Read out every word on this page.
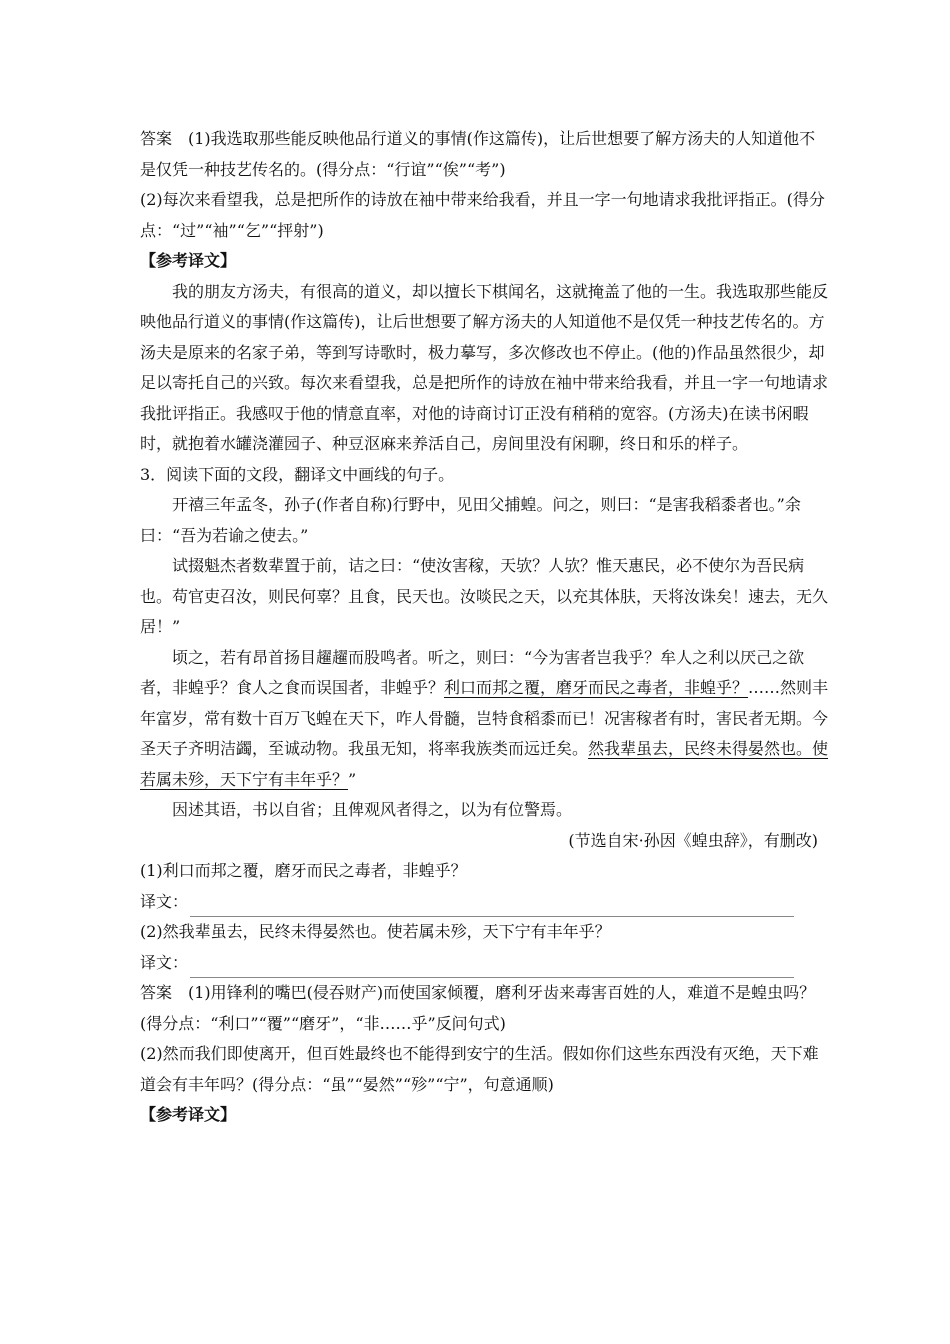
答案　(1)我选取那些能反映他品行道义的事情(作这篇传)，让后世想要了解方汤夫的人知道他不是仅凭一种技艺传名的。(得分点：“行谊”“俟”“考”)

(2)每次来看望我，总是把所作的诗放在袖中带来给我看，并且一字一句地请求我批评指正。(得分点：“过”“袖”“乞”“抨射”)

【参考译文】

我的朋友方汤夫，有很高的道义，却以擅长下棋闻名，这就掩盖了他的一生。我选取那些能反映他品行道义的事情(作这篇传)，让后世想要了解方汤夫的人知道他不是仅凭一种技艺传名的。方汤夫是原来的名家子弟，等到写诗歌时，极力摹写，多次修改也不停止。(他的)作品虽然很少，却足以寄托自己的兴致。每次来看望我，总是把所作的诗放在袖中带来给我看，并且一字一句地请求我批评指正。我感叹于他的情意直率，对他的诗商讨订正没有稍稍的宽容。(方汤夫)在读书闲暇时，就抱着水罐浇灌园子、种豆沤麻来养活自己，房间里没有闲聊，终日和乐的样子。

3．阅读下面的文段，翻译文中画线的句子。

开禧三年孟冬，孙子(作者自称)行野中，见田父捕蝗。问之，则曰：“是害我稻黍者也。”余曰：“吾为若谕之使去。”

试掇魁杰者数辈置于前，诘之曰：“使汝害稼，天欤？人欤？惟天惠民，必不使尔为吾民病也。苟官吏召汝，则民何辜？且食，民天也。汝啖民之天，以充其体肤，天将汝诛矣！速去，无久居！”

顷之，若有昂首扬目趯趯而股鸣者。听之，则曰：“今为害者岂我乎？牟人之利以厌己之欲者，非蝗乎？食人之食而误国者，非蝗乎？利口而邦之覆，磨牙而民之毒者，非蝗乎？……然则丰年富岁，常有数十百万飞蝗在天下，咋人骨髓，岂特食稻黍而已！况害稼者有时，害民者无期。今圣天子齐明洁蠲，至诚动物。我虽无知，将率我族类而远迁矣。然我辈虽去，民终未得晏然也。使若属未殄，天下宁有丰年乎？”

因述其语，书以自省；且俾观风者得之，以为有位警焉。

(节选自宋·孙因《蝗虫辞》，有删改)

(1)利口而邦之覆，磨牙而民之毒者，非蝗乎？

译文：

(2)然我辈虽去，民终未得晏然也。使若属未殄，天下宁有丰年乎？

译文：

答案　(1)用锋利的嘴巴(侵吞财产)而使国家倾覆，磨利牙齿来毒害百姓的人，难道不是蝗虫吗？(得分点：“利口”“覆”“磨牙”，“非……乎”反问句式)

(2)然而我们即使离开，但百姓最终也不能得到安宁的生活。假如你们这些东西没有灭绝，天下难道会有丰年吗？(得分点：“虽”“晏然”“殄”“宁”，句意通顺)

【参考译文】
